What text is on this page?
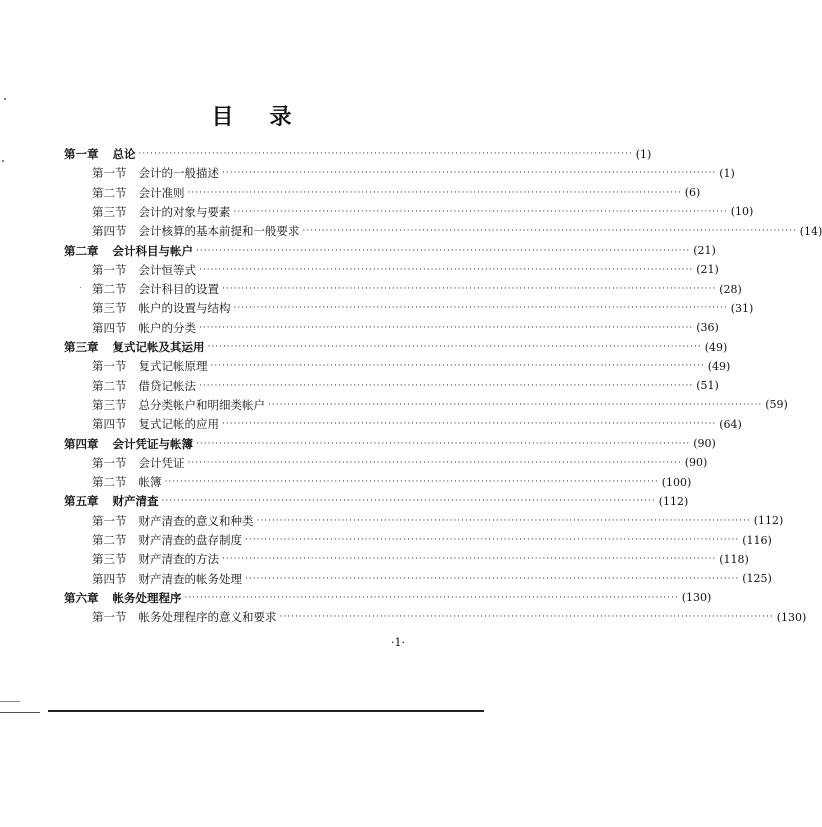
目 录
第一章 总论 ································································································································ (1)
第一节 会计的一般描述 ································································································································ (1)
第二节 会计准则 ································································································································ (6)
第三节 会计的对象与要素 ································································································································ (10)
第四节 会计核算的基本前提和一般要求 ································································································································ (14)
第二章 会计科目与帐户 ································································································································ (21)
第一节 会计恒等式 ································································································································ (21)
第二节 会计科目的设置 ································································································································ (28)
第三节 帐户的设置与结构 ································································································································ (31)
第四节 帐户的分类 ································································································································ (36)
第三章 复式记帐及其运用 ································································································································ (49)
第一节 复式记帐原理 ································································································································ (49)
第二节 借贷记帐法 ································································································································ (51)
第三节 总分类帐户和明细类帐户 ································································································································ (59)
第四节 复式记帐的应用 ································································································································ (64)
第四章 会计凭证与帐簿 ································································································································ (90)
第一节 会计凭证 ································································································································ (90)
第二节 帐簿 ································································································································ (100)
第五章 财产清查 ································································································································ (112)
第一节 财产清查的意义和种类 ································································································································ (112)
第二节 财产清查的盘存制度 ································································································································ (116)
第三节 财产清查的方法 ································································································································ (118)
第四节 财产清查的帐务处理 ································································································································ (125)
第六章 帐务处理程序 ································································································································ (130)
第一节 帐务处理程序的意义和要求 ································································································································ (130)
·1·
